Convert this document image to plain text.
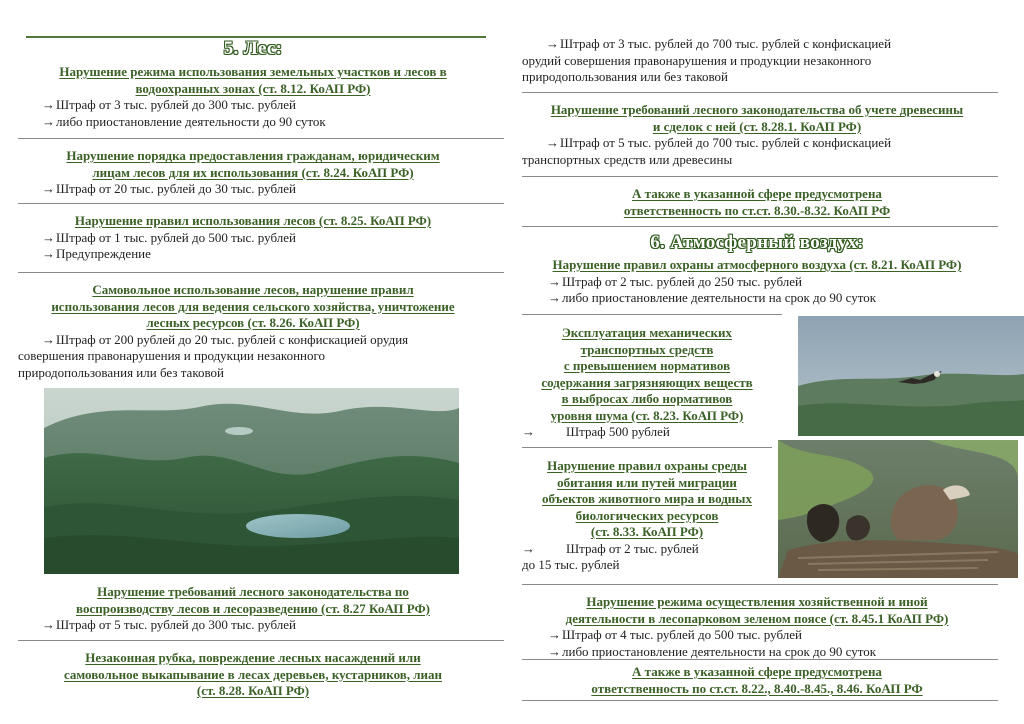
5. Лес:
Нарушение режима использования земельных участков и лесов в
водоохранных зонах (ст. 8.12. КоАП РФ)
→Штраф от 3 тыс. рублей до 300 тыс. рублей
→либо приостановление деятельности до 90 суток
Нарушение порядка предоставления гражданам, юридическим
лицам лесов для их использования (ст. 8.24. КоАП РФ)
→Штраф от 20 тыс. рублей до 30 тыс. рублей
Нарушение правил использования лесов (ст. 8.25. КоАП РФ)
→Штраф от 1 тыс. рублей до 500 тыс. рублей
→Предупреждение
Самовольное использование лесов, нарушение правил
использования лесов для ведения сельского хозяйства, уничтожение
лесных ресурсов (ст. 8.26. КоАП РФ)
→Штраф от 200 рублей до 20 тыс. рублей с конфискацией орудия
совершения правонарушения и продукции незаконного
природопользования или без таковой
Нарушение требований лесного законодательства по
воспроизводству лесов и лесоразведению (ст. 8.27 КоАП РФ)
→Штраф от 5 тыс. рублей до 300 тыс. рублей
Незаконная рубка, повреждение лесных насаждений или
самовольное выкапывание в лесах деревьев, кустарников, лиан
(ст. 8.28. КоАП РФ)
→Штраф от 3 тыс. рублей до 700 тыс. рублей с конфискацией
орудий совершения правонарушения и продукции незаконного
природопользования или без таковой
Нарушение требований лесного законодательства об учете древесины
и сделок с ней (ст. 8.28.1. КоАП РФ)
→Штраф от 5 тыс. рублей до 700 тыс. рублей с конфискацией
транспортных средств или древесины
А также в указанной сфере предусмотрена
ответственность по ст.ст. 8.30.-8.32. КоАП РФ
6. Атмосферный воздух:
Нарушение правил охраны атмосферного воздуха (ст. 8.21. КоАП РФ)
→Штраф от 2 тыс. рублей до 250 тыс. рублей
→либо приостановление деятельности на срок до 90 суток
Эксплуатация механических
транспортных средств
с превышением нормативов
содержания загрязняющих веществ
в выбросах либо нормативов
уровня шума (ст. 8.23. КоАП РФ)
→ Штраф 500 рублей
Нарушение правил охраны среды
обитания или путей миграции
объектов животного мира и водных
биологических ресурсов
(ст. 8.33. КоАП РФ)
→ Штраф от 2 тыс. рублей
до 15 тыс. рублей
Нарушение режима осуществления хозяйственной и иной
деятельности в лесопарковом зеленом поясе (ст. 8.45.1 КоАП РФ)
→Штраф от 4 тыс. рублей до 500 тыс. рублей
→либо приостановление деятельности на срок до 90 суток
А также в указанной сфере предусмотрена
ответственность по ст.ст. 8.22., 8.40.-8.45., 8.46. КоАП РФ
